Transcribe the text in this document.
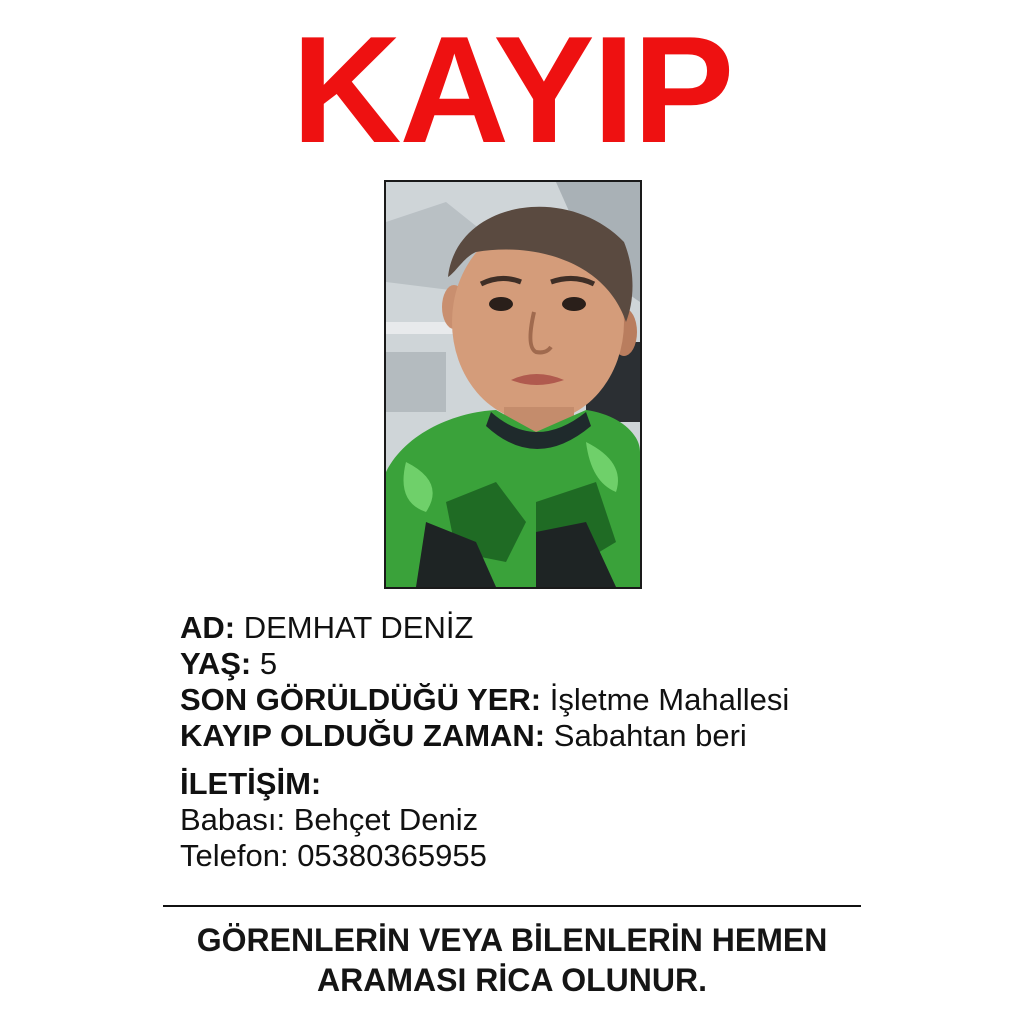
KAYIP
AD: DEMHAT DENİZ
YAŞ: 5
SON GÖRÜLDÜĞÜ YER: İşletme Mahallesi
KAYIP OLDUĞU ZAMAN: Sabahtan beri
İLETİŞİM:
Babası: Behçet Deniz
Telefon: 05380365955
GÖRENLERİN VEYA BİLENLERİN HEMEN
ARAMASI RİCA OLUNUR.
